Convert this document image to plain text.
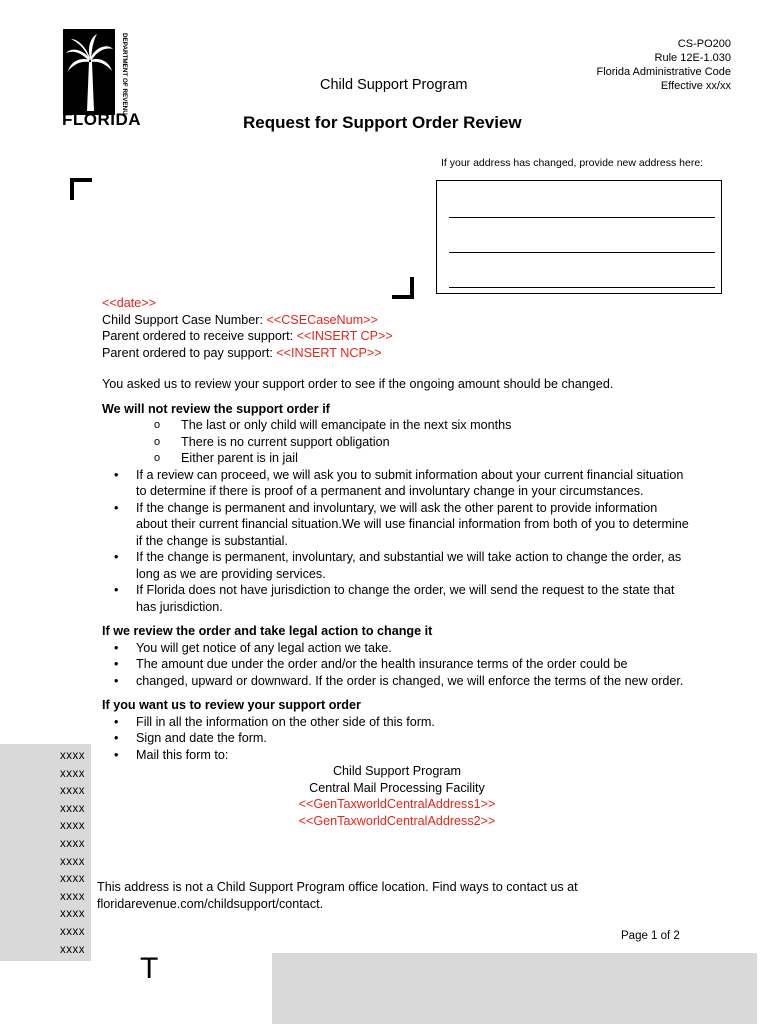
DEPARTMENT OF REVENUE
FLORIDA
CS-PO200
Rule 12E-1.030
Florida Administrative Code
Effective xx/xx
Child Support Program
Request for Support Order Review
If your address has changed, provide new address here:

<<date>>

Child Support Case Number: <<CSECaseNum>>

Parent ordered to receive support: <<INSERT CP>>

Parent ordered to pay support: <<INSERT NCP>>

You asked us to review your support order to see if the ongoing amount should be changed.

We will not review the support order if

o The last or only child will emancipate in the next six months
o There is no current support obligation
o Either parent is in jail
• If a review can proceed, we will ask you to submit information about your current financial situation to determine if there is proof of a permanent and involuntary change in your circumstances.
• If the change is permanent and involuntary, we will ask the other parent to provide information about their current financial situation.We will use financial information from both of you to determine if the change is substantial.
• If the change is permanent, involuntary, and substantial we will take action to change the order, as long as we are providing services.
• If Florida does not have jurisdiction to change the order, we will send the request to the state that has jurisdiction.

If we review the order and take legal action to change it

• You will get notice of any legal action we take.
• The amount due under the order and/or the health insurance terms of the order could be
• changed, upward or downward. If the order is changed, we will enforce the terms of the new order.

If you want us to review your support order

• Fill in all the information on the other side of this form.
• Sign and date the form.
• Mail this form to:
Child Support Program
Central Mail Processing Facility
<<GenTaxworldCentralAddress1>>
<<GenTaxworldCentralAddress2>>
xxxx
xxxx
xxxx
xxxx
xxxx
xxxx
xxxx
xxxx
xxxx
xxxx
xxxx
xxxx
This address is not a Child Support Program office location. Find ways to contact us at
floridarevenue.com/childsupport/contact.
Page 1 of 2
T
